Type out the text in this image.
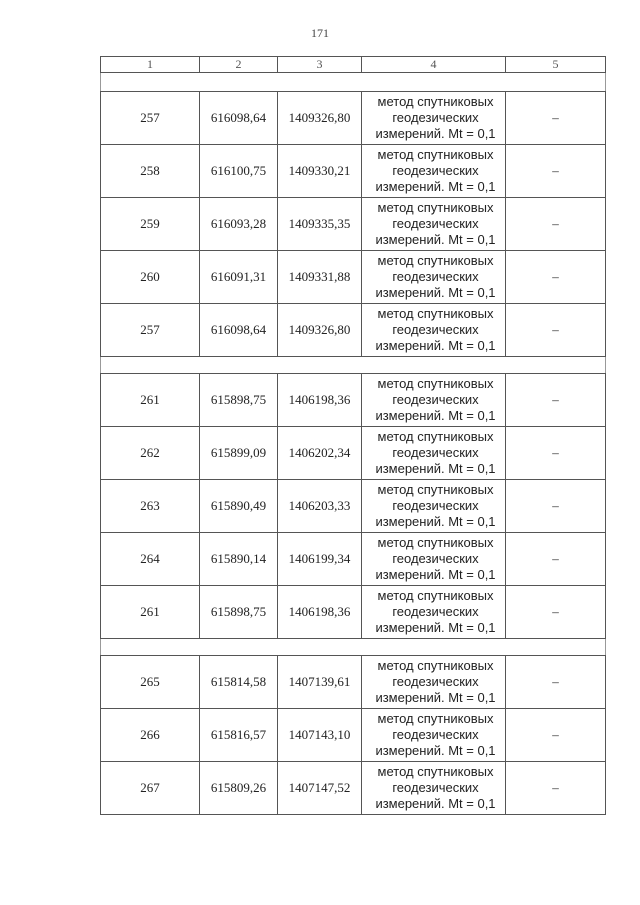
171
1	2	3	4	5

257	616098,64	1409326,80	метод спутниковых
геодезических
измерений. Mt = 0,1	–
258	616100,75	1409330,21	метод спутниковых
геодезических
измерений. Mt = 0,1	–
259	616093,28	1409335,35	метод спутниковых
геодезических
измерений. Mt = 0,1	–
260	616091,31	1409331,88	метод спутниковых
геодезических
измерений. Mt = 0,1	–
257	616098,64	1409326,80	метод спутниковых
геодезических
измерений. Mt = 0,1	–

261	615898,75	1406198,36	метод спутниковых
геодезических
измерений. Mt = 0,1	–
262	615899,09	1406202,34	метод спутниковых
геодезических
измерений. Mt = 0,1	–
263	615890,49	1406203,33	метод спутниковых
геодезических
измерений. Mt = 0,1	–
264	615890,14	1406199,34	метод спутниковых
геодезических
измерений. Mt = 0,1	–
261	615898,75	1406198,36	метод спутниковых
геодезических
измерений. Mt = 0,1	–

265	615814,58	1407139,61	метод спутниковых
геодезических
измерений. Mt = 0,1	–
266	615816,57	1407143,10	метод спутниковых
геодезических
измерений. Mt = 0,1	–
267	615809,26	1407147,52	метод спутниковых
геодезических
измерений. Mt = 0,1	–
